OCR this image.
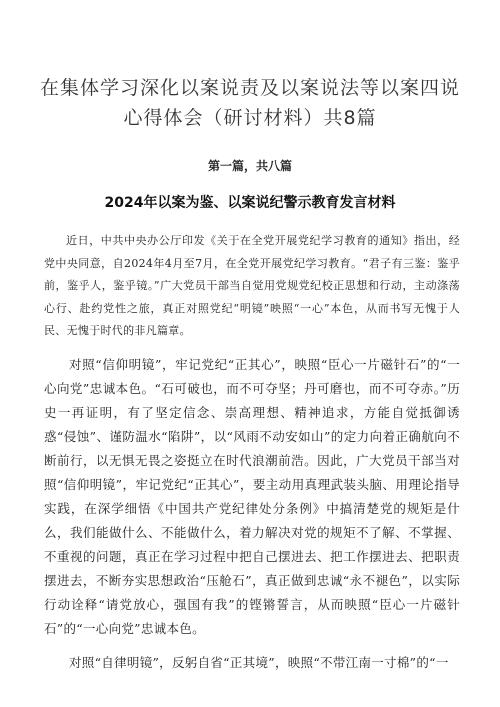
在集体学习深化以案说责及以案说法等以案四说心得体会（研讨材料）共8篇
第一篇，共八篇
2024年以案为鉴、以案说纪警示教育发言材料

近日，中共中央办公厅印发《关于在全党开展党纪学习教育的通知》指出，经党中央同意，自2024年4月至7月，在全党开展党纪学习教育。“君子有三鉴：鉴乎前，鉴乎人，鉴乎镜。”广大党员干部当自觉用党规党纪校正思想和行动，主动涤荡心行、赴约党性之旅，真正对照党纪“明镜”映照“一心”本色，从而书写无愧于人民、无愧于时代的非凡篇章。

对照“信仰明镜”，牢记党纪“正其心”，映照“臣心一片磁针石”的“一心向党”忠诚本色。“石可破也，而不可夺坚；丹可磨也，而不可夺赤。”历史一再证明，有了坚定信念、崇高理想、精神追求，方能自觉抵御诱惑“侵蚀”、谨防温水“陷阱”，以“风雨不动安如山”的定力向着正确航向不断前行，以无惧无畏之姿挺立在时代浪潮前浩。因此，广大党员干部当对照“信仰明镜”，牢记党纪“正其心”，要主动用真理武装头脑、用理论指导实践，在深学细悟《中国共产党纪律处分条例》中搞清楚党的规矩是什么，我们能做什么、不能做什么，着力解决对党的规矩不了解、不掌握、不重视的问题，真正在学习过程中把自己摆进去、把工作摆进去、把职责摆进去，不断夯实思想政治“压舱石”，真正做到忠诚“永不褪色”，以实际行动诠释“请党放心，强国有我”的铿锵誓言，从而映照“臣心一片磁针石”的“一心向党”忠诚本色。

对照“自律明镜”，反躬自省“正其境”，映照“不带江南一寸棉”的“一
